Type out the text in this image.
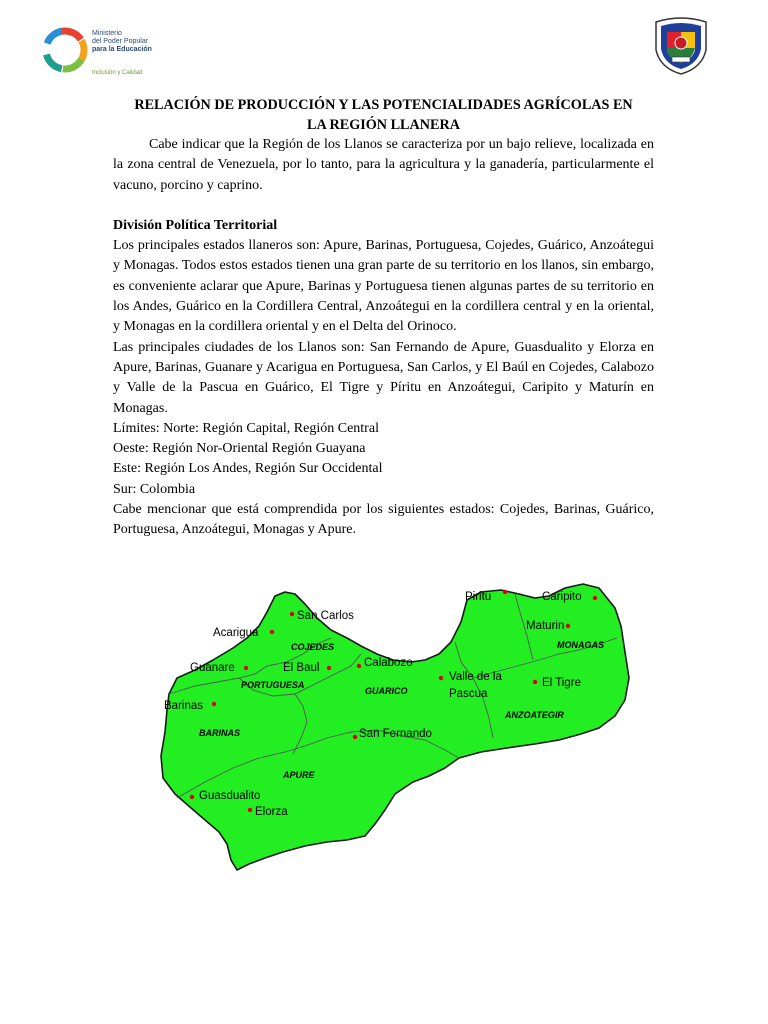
Ministerio
del Poder Popular
para la Educación
Inclusión y Calidad
RELACIÓN DE PRODUCCIÓN Y LAS POTENCIALIDADES AGRÍCOLAS EN
LA REGIÓN LLANERA

Cabe indicar que la Región de los Llanos se caracteriza por un bajo relieve, localizada en la zona central de Venezuela, por lo tanto, para la agricultura y la ganadería, particularmente el vacuno, porcino y caprino.

División Política Territorial

Los principales estados llaneros son: Apure, Barinas, Portuguesa, Cojedes, Guárico, Anzoátegui y Monagas. Todos estos estados tienen una gran parte de su territorio en los llanos, sin embargo, es conveniente aclarar que Apure, Barinas y Portuguesa tienen algunas partes de su territorio en los Andes, Guárico en la Cordillera Central, Anzoátegui en la cordillera central y en la oriental, y Monagas en la cordillera oriental y en el Delta del Orinoco.

Las principales ciudades de los Llanos son: San Fernando de Apure, Guasdualito y Elorza en Apure, Barinas, Guanare y Acarigua en Portuguesa, San Carlos, y El Baúl en Cojedes, Calabozo y Valle de la Pascua en Guárico, El Tigre y Píritu en Anzoátegui, Caripito y Maturín en Monagas.

Límites: Norte: Región Capital, Región Central
Oeste: Región Nor-Oriental Región Guayana
Este: Región Los Andes, Región Sur Occidental
Sur: Colombia

Cabe mencionar que está comprendida por los siguientes estados: Cojedes, Barinas, Guárico, Portuguesa, Anzoátegui, Monagas y Apure.

COJEDES	MONAGAS
PORTUGUESA
GUARICO
BARINAS
ANZOATEGIR
APURE
Piritu	Caripito
San Carlos
Acarigua
Maturin
Guanare	El Baul	Calabozo
Valle de la
Pascua
El Tigre
Barinas
San Fernando
Guasdualito
Elorza
